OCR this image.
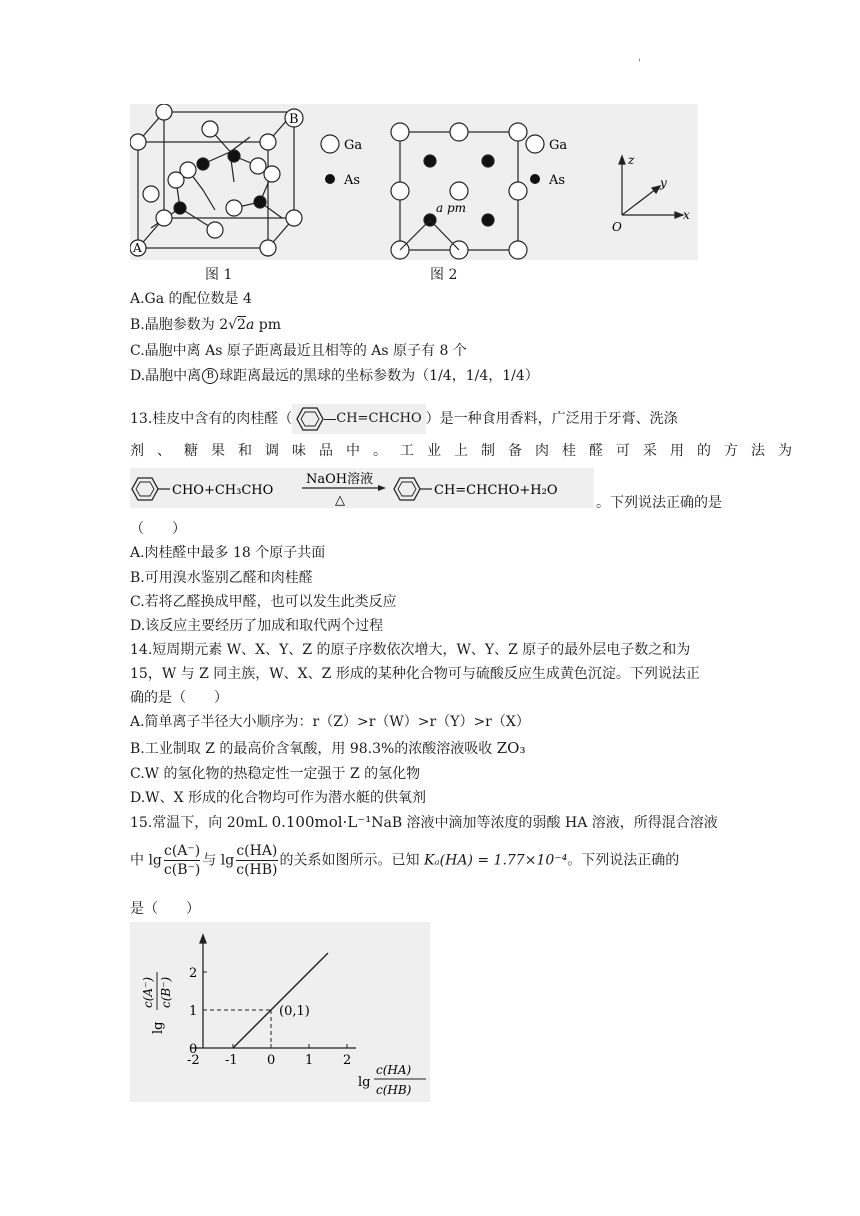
'
B
A
Ga
As
a pm
Ga
As
z
y
x
O
图 1	图 2
A.Ga 的配位数是 4
B.晶胞参数为 2√2a pm
C.晶胞中离 As 原子距离最近且相等的 As 原子有 8 个
D.晶胞中离 B 球距离最远的黑球的坐标参数为（1/4，1/4，1/4）
13.桂皮中含有的肉桂醛（	CH=CHCHO ）是一种食用香料，广泛用于牙膏、洗涤
剂、糖果和调味品中。工业上制备肉桂醛可采用的方法为
CHO+CH₃CHO
NaOH溶液
△
CH=CHCHO+H₂O
。下列说法正确的是
（　　）
A.肉桂醛中最多 18 个原子共面
B.可用溴水鉴别乙醛和肉桂醛
C.若将乙醛换成甲醛，也可以发生此类反应
D.该反应主要经历了加成和取代两个过程
14.短周期元素 W、X、Y、Z 的原子序数依次增大，W、Y、Z 原子的最外层电子数之和为
15，W 与 Z 同主族，W、X、Z 形成的某种化合物可与硫酸反应生成黄色沉淀。下列说法正
确的是（　　）
A.简单离子半径大小顺序为：r（Z）>r（W）>r（Y）>r（X）
B.工业制取 Z 的最高价含氧酸，用 98.3%的浓酸溶液吸收 ZO₃
C.W 的氢化物的热稳定性一定强于 Z 的氢化物
D.W、X 形成的化合物均可作为潜水艇的供氧剂
15.常温下，向 20mL 0.100mol·L⁻¹NaB 溶液中滴加等浓度的弱酸 HA 溶液，所得混合溶液
中 $\lg \frac{c(A^-)}{c(B^-)}$ 与 $\lg \frac{c(HA)}{c(HB)}$ 的关系如图所示。已知 Kₐ(HA) = 1.77×10⁻⁴。下列说法正确的
是（　　）
-2 -1 0 1 2
0
1
2
(0,1)
lg
c(A⁻) c(B⁻)
lg
c(HA)
c(HB)
